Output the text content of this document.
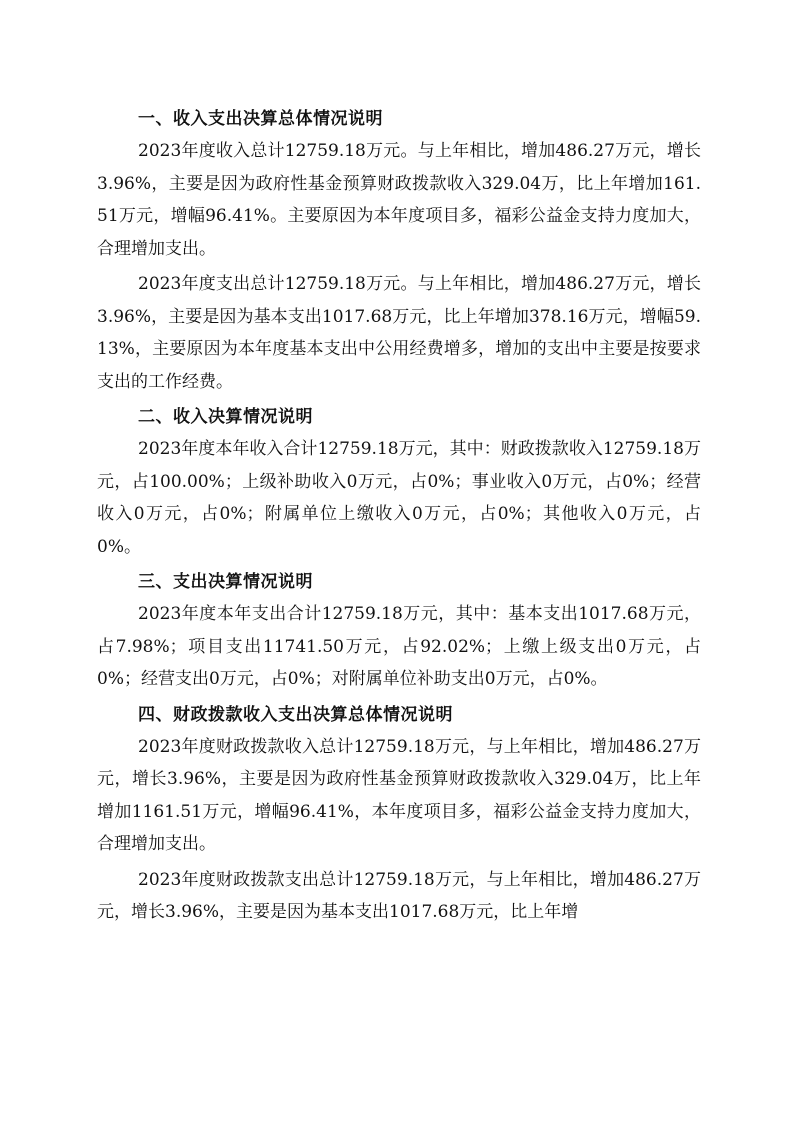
一、收入支出决算总体情况说明

2023年度收入总计12759.18万元。与上年相比，增加486.27万元，增长3.96%，主要是因为政府性基金预算财政拨款收入329.04万，比上年增加161.51万元，增幅96.41%。主要原因为本年度项目多，福彩公益金支持力度加大，合理增加支出。

2023年度支出总计12759.18万元。与上年相比，增加486.27万元，增长3.96%，主要是因为基本支出1017.68万元，比上年增加378.16万元，增幅59.13%，主要原因为本年度基本支出中公用经费增多，增加的支出中主要是按要求支出的工作经费。

二、收入决算情况说明

2023年度本年收入合计12759.18万元，其中：财政拨款收入12759.18万元，占100.00%；上级补助收入0万元，占0%；事业收入0万元，占0%；经营收入0万元，占0%；附属单位上缴收入0万元，占0%；其他收入0万元，占0%。

三、支出决算情况说明

2023年度本年支出合计12759.18万元，其中：基本支出1017.68万元，占7.98%；项目支出11741.50万元，占92.02%；上缴上级支出0万元，占0%；经营支出0万元，占0%；对附属单位补助支出0万元，占0%。

四、财政拨款收入支出决算总体情况说明

2023年度财政拨款收入总计12759.18万元，与上年相比，增加486.27万元，增长3.96%，主要是因为政府性基金预算财政拨款收入329.04万，比上年增加1161.51万元，增幅96.41%，本年度项目多，福彩公益金支持力度加大，合理增加支出。

2023年度财政拨款支出总计12759.18万元，与上年相比，增加486.27万元，增长3.96%，主要是因为基本支出1017.68万元，比上年增
